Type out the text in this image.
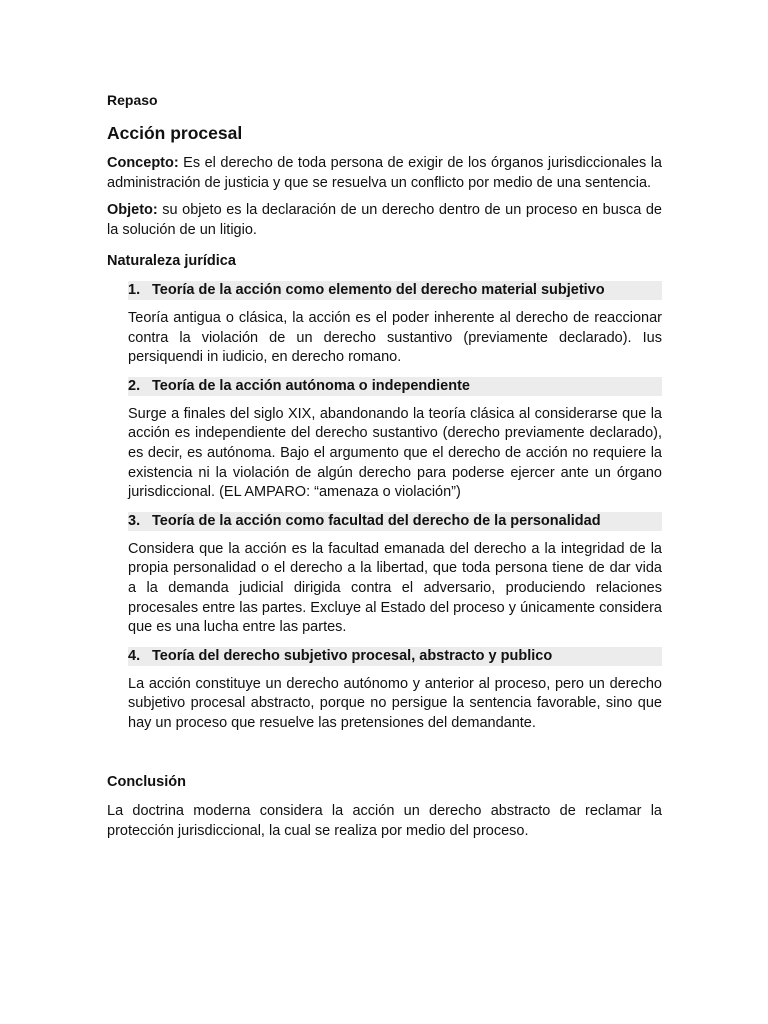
Repaso
Acción procesal

Concepto: Es el derecho de toda persona de exigir de los órganos jurisdiccionales la administración de justicia y que se resuelva un conflicto por medio de una sentencia.

Objeto: su objeto es la declaración de un derecho dentro de un proceso en busca de la solución de un litigio.

Naturaleza jurídica
1. Teoría de la acción como elemento del derecho material subjetivo

Teoría antigua o clásica, la acción es el poder inherente al derecho de reaccionar contra la violación de un derecho sustantivo (previamente declarado). Ius persiquendi in iudicio, en derecho romano.

2. Teoría de la acción autónoma o independiente

Surge a finales del siglo XIX, abandonando la teoría clásica al considerarse que la acción es independiente del derecho sustantivo (derecho previamente declarado), es decir, es autónoma. Bajo el argumento que el derecho de acción no requiere la existencia ni la violación de algún derecho para poderse ejercer ante un órgano jurisdiccional. (EL AMPARO: “amenaza o violación”)

3. Teoría de la acción como facultad del derecho de la personalidad

Considera que la acción es la facultad emanada del derecho a la integridad de la propia personalidad o el derecho a la libertad, que toda persona tiene de dar vida a la demanda judicial dirigida contra el adversario, produciendo relaciones procesales entre las partes. Excluye al Estado del proceso y únicamente considera que es una lucha entre las partes.

4. Teoría del derecho subjetivo procesal, abstracto y publico

La acción constituye un derecho autónomo y anterior al proceso, pero un derecho subjetivo procesal abstracto, porque no persigue la sentencia favorable, sino que hay un proceso que resuelve las pretensiones del demandante.

Conclusión

La doctrina moderna considera la acción un derecho abstracto de reclamar la protección jurisdiccional, la cual se realiza por medio del proceso.
